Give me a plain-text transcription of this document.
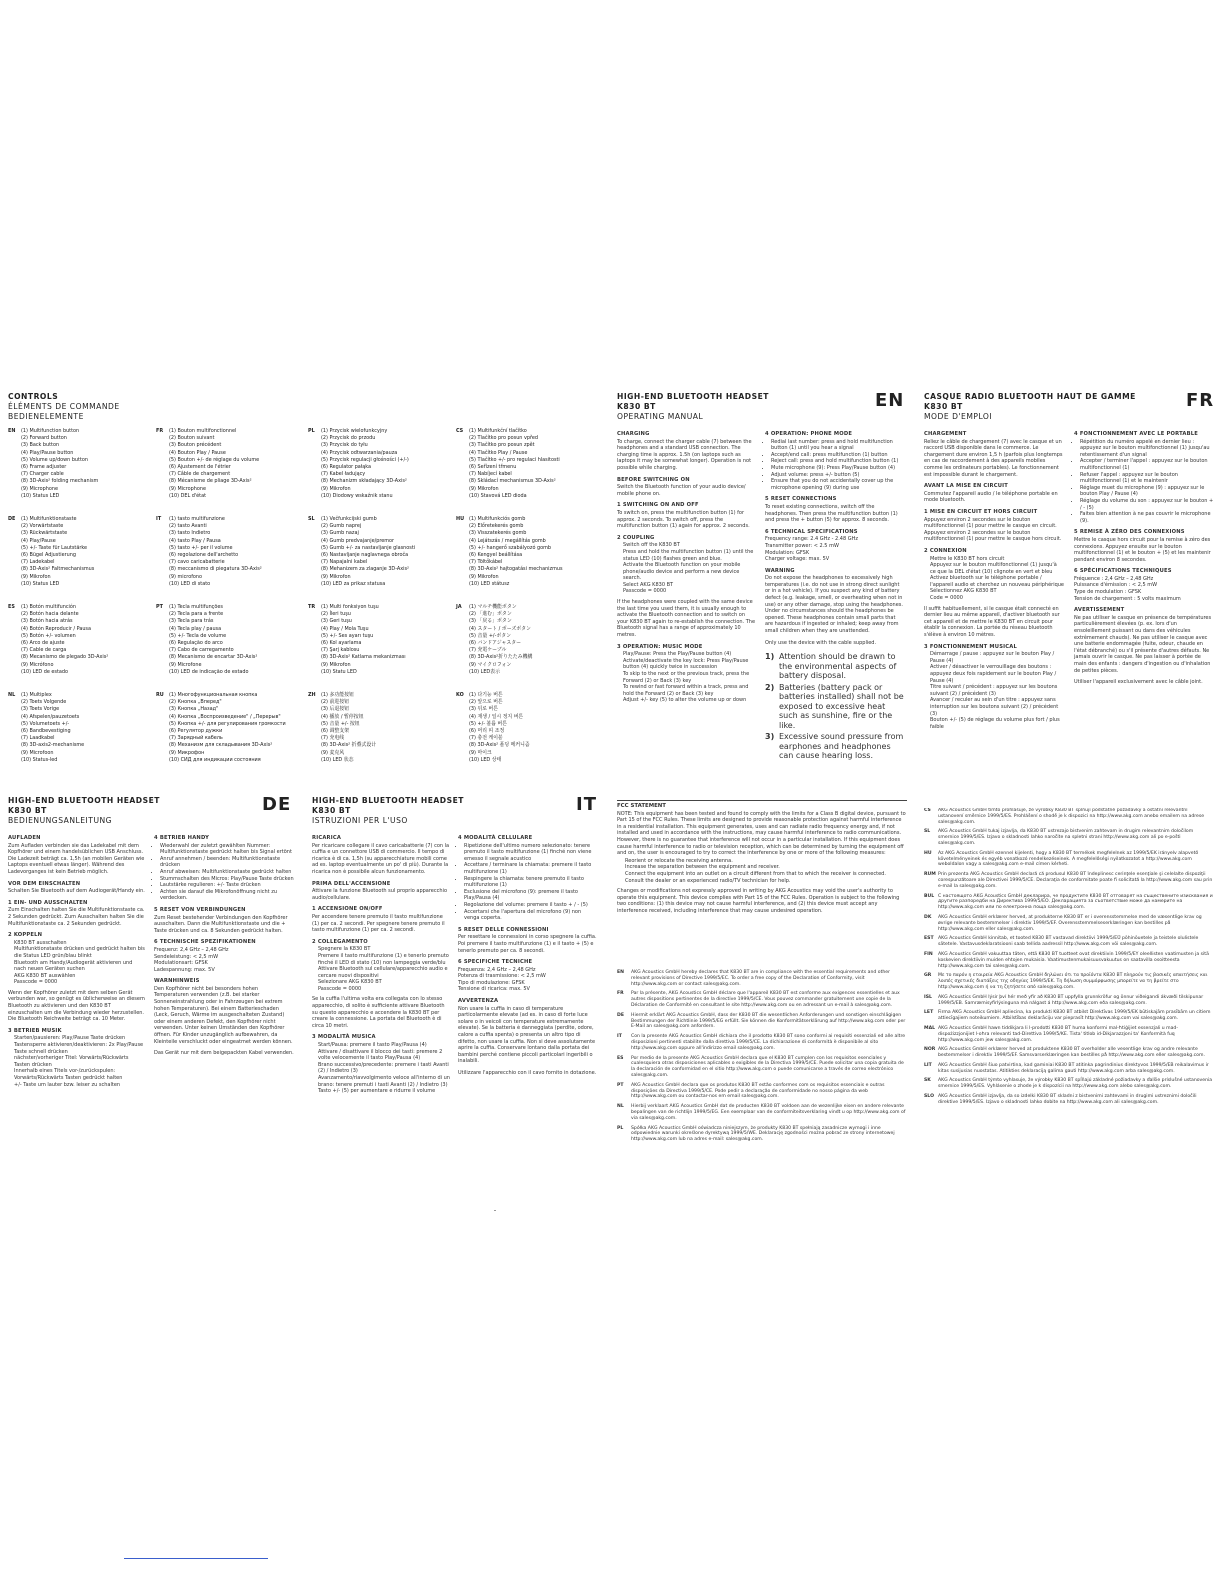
CONTROLS
ÉLÉMENTS DE COMMANDE
BEDIENELEMENTE
EN	(1) Multifunction button
(2) Forward button
(3) Back button
(4) Play/Pause button
(5) Volume up/down button
(6) Frame adjuster
(7) Charger cable
(8) 3D-Axis² folding mechanism
(9) Microphone
(10) Status LED
DE	(1) Multifunktionstaste
(2) Vorwärtstaste
(3) Rückwärtstaste
(4) Play/Pause
(5) +/- Taste für Lautstärke
(6) Bügel Adjustierung
(7) Ladekabel
(8) 3D-Axis² Faltmechanismus
(9) Mikrofon
(10) Status LED
ES	(1) Botón multifunción
(2) Botón hacia delante
(3) Botón hacia atrás
(4) Botón Reproducir / Pausa
(5) Botón +/- volumen
(6) Arco de ajuste
(7) Cable de carga
(8) Mecanismo de plegado 3D-Axis²
(9) Micrófono
(10) LED de estado
NL	(1) Multiplex
(2) Toets Volgende
(3) Toets Vorige
(4) Afspelen/pauzetoets
(5) Volumetoets +/-
(6) Bandbevestiging
(7) Laadkabel
(8) 3D-axis2-mechanisme
(9) Microfoon
(10) Status-led
FR	(1) Bouton multifonctionnel
(2) Bouton suivant
(3) Bouton précédent
(4) Bouton Play / Pause
(5) Bouton +/- de réglage du volume
(6) Ajustement de l'étrier
(7) Câble de chargement
(8) Mécanisme de pliage 3D-Axis²
(9) Microphone
(10) DEL d'état
IT	(1) tasto multifunzione
(2) tasto Avanti
(3) tasto Indietro
(4) tasto Play / Pausa
(5) tasto +/- per il volume
(6) regolazione dell'archetto
(7) cavo caricabatterie
(8) meccanismo di piegatura 3D-Axis²
(9) microfono
(10) LED di stato
PT	(1) Tecla multifunções
(2) Tecla para a frente
(3) Tecla para trás
(4) Tecla play / pausa
(5) +/- Tecla de volume
(6) Regulação do arco
(7) Cabo de carregamento
(8) Mecanismo de encartar 3D-Axis²
(9) Microfone
(10) LED de indicação de estado
RU	(1) Многофункциональная кнопка
(2) Кнопка „Вперед"
(3) Кнопка „Назад"
(4) Кнопка „Воспроизведение" / „Перерыв"
(5) Кнопка +/- для регулирования громкости
(6) Регулятор дужки
(7) Зарядный кабель
(8) Механизм для складывания 3D-Axis²
(9) Микрофон
(10) СИД для индикации состояния
PL	(1) Przycisk wielofunkcyjny
(2) Przycisk do przodu
(3) Przycisk do tyłu
(4) Przycisk odtwarzania/pauza
(5) Przycisk regulacji głośności (+/-)
(6) Regulator pałąka
(7) Kabel ładujący
(8) Mechanizm składający 3D-Axis²
(9) Mikrofon
(10) Diodowy wskaźnik stanu
SL	(1) Večfunkcijski gumb
(2) Gumb naprej
(3) Gumb nazaj
(4) Gumb predvajanje/premor
(5) Gumb +/- za nastavljanje glasnosti
(6) Nastavljanje naglavnega obroča
(7) Napajalni kabel
(8) Mehanizem za zlaganje 3D-Axis²
(9) Mikrofon
(10) LED za prikaz statusa
TR	(1) Multi fonksiyon tuşu
(2) İleri tuşu
(3) Geri tuşu
(4) Play / Mola Tuşu
(5) +/- Ses ayarı tuşu
(6) Kol ayarlama
(7) Şarj kablosu
(8) 3D-Axis² Katlama mekanizması
(9) Mikrofon
(10) Statu LED
ZH	(1) 多功能按钮
(2) 前进按钮
(3) 后退按钮
(4) 播放 / 暂停按钮
(5) 音量 +/- 按钮
(6) 调整支架
(7) 充电线
(8) 3D-Axis² 折叠式设计
(9) 麦克风
(10) LED 状态
CS	(1) Multifunkční tlačítko
(2) Tlačítko pro posun vpřed
(3) Tlačítko pro posun zpět
(4) Tlačítko Play / Pause
(5) Tlačítko +/- pro regulaci hlasitosti
(6) Seřízení třmenu
(7) Nabíjecí kabel
(8) Skládací mechanismus 3D-Axis²
(9) Mikrofon
(10) Stavová LED dioda
HU	(1) Multifunkciós gomb
(2) Előretekerés gomb
(3) Visszatekerés gomb
(4) Lejátszás / megállítás gomb
(5) +/- hangerő szabályozó gomb
(6) Kengyel beállítása
(7) Töltőkábel
(8) 3D-Axis² hajtogatási mechanizmus
(9) Mikrofon
(10) LED státusz
JA	(1) マルチ機能ボタン
(2) 「進む」ボタン
(3) 「戻る」ボタン
(4) スタート / ポーズボタン
(5) 音量 +/-ボタン
(6) バンドアジャスター
(7) 充電ケーブル
(8) 3D-Axis²折りたたみ機構
(9) マイクロフォン
(10) LED表示
KO	(1) 다기능 버튼
(2) 앞으로 버튼
(3) 뒤로 버튼
(4) 재생 / 일시 정지 버튼
(5) +/- 볼륨 버튼
(6) 머리 띠 조정
(7) 충전 케이블
(8) 3D-Axis² 폴딩 메커니즘
(9) 마이크
(10) LED 상태
HIGH-END BLUETOOTH HEADSET
K830 BT
OPERATING MANUAL
EN
CHARGING

To charge, connect the charger cable (7) between the headphones and a standard USB connection. The charging time is approx. 1.5h (on laptops such as laptops it may be somewhat longer). Operation is not possible while charging.

BEFORE SWITCHING ON

Switch the Bluetooth function of your audio device/ mobile phone on.

1 SWITCHING ON AND OFF

To switch on, press the multifunction button (1) for approx. 2 seconds. To switch off, press the multifunction button (1) again for approx. 2 seconds.

2 COUPLING
• Switch off the K830 BT
• Press and hold the multifunction button (1) until the status LED (10) flashes green and blue.
• Activate the Bluetooth function on your mobile phone/audio device and perform a new device search.
• Select AKG K830 BT
• Passcode = 0000

If the headphones were coupled with the same device the last time you used them, it is usually enough to activate the Bluetooth connection and to switch on your K830 BT again to re-establish the connection. The Bluetooth signal has a range of approximately 10 metres.

3 OPERATION: MUSIC MODE
• Play/Pause: Press the Play/Pause button (4)
• Activate/deactivate the key lock: Press Play/Pause button (4) quickly twice in succession
• To skip to the next or the previous track, press the Forward (2) or Back (3) key
• To rewind or fast forward within a track, press and hold the Forward (2) or Back (3) key
• Adjust +/- key (5) to alter the volume up or down
4 OPERATION: PHONE MODE
• Redial last number: press and hold multifunction button (1) until you hear a signal
• Accept/end call: press multifunction (1) button
• Reject call: press and hold multifunction button (1)
• Mute microphone (9): Press Play/Pause button (4)
• Adjust volume: press +/- button (5)
• Ensure that you do not accidentally cover up the microphone opening (9) during use
5 RESET CONNECTIONS

To reset existing connections, switch off the headphones. Then press the multifunction button (1) and press the + button (5) for approx. 8 seconds.

6 TECHNICAL SPECIFICATIONS

Frequency range: 2.4 GHz - 2.48 GHz
Transmitter power: < 2.5 mW
Modulation: GFSK
Charger voltage: max. 5V

WARNING

Do not expose the headphones to excessively high temperatures (i.e. do not use in strong direct sunlight or in a hot vehicle). If you suspect any kind of battery defect (e.g. leakage, smell, or overheating when not in use) or any other damage, stop using the headphones. Under no circumstances should the headphones be opened. These headphones contain small parts that are hazardous if ingested or inhaled; keep away from small children when they are unattended.

Only use the device with the cable supplied.

1) Attention should be drawn to the environmental aspects of battery disposal.
2) Batteries (battery pack or batteries installed) shall not be exposed to excessive heat such as sunshine, fire or the like.
3) Excessive sound pressure from earphones and headphones can cause hearing loss.
CASQUE RADIO BLUETOOTH HAUT DE GAMME
K830 BT
MODE D'EMPLOI
FR
CHARGEMENT

Reliez le câble de chargement (7) avec le casque et un raccord USB disponible dans le commerce. Le chargement dure environ 1,5 h (parfois plus longtemps en cas de raccordement à des appareils mobiles comme les ordinateurs portables). Le fonctionnement est impossible durant le chargement.

AVANT LA MISE EN CIRCUIT

Commutez l'appareil audio / le téléphone portable en mode bluetooth.

1 MISE EN CIRCUIT ET HORS CIRCUIT

Appuyez environ 2 secondes sur le bouton multifonctionnel (1) pour mettre le casque en circuit. Appuyez environ 2 secondes sur le bouton multifonctionnel (1) pour mettre le casque hors circuit.

2 CONNEXION
• Mettre le K830 BT hors circuit
• Appuyez sur le bouton multifonctionnel (1) jusqu'à ce que la DEL d'état (10) clignote en vert et bleu
• Activez bluetooth sur le téléphone portable / l'appareil audio et cherchez un nouveau périphérique
• Sélectionnez AKG K830 BT
• Code = 0000

Il suffit habituellement, si le casque était connecté en dernier lieu au même appareil, d'activer bluetooth sur cet appareil et de mettre le K830 BT en circuit pour établir la connexion. La portée du réseau bluetooth s'élève à environ 10 mètres.

3 FONCTIONNEMENT MUSICAL
• Démarrage / pause : appuyez sur le bouton Play / Pause (4)
• Activer / désactiver le verrouillage des boutons : appuyez deux fois rapidement sur le bouton Play / Pause (4)
• Titre suivant / précédent : appuyez sur les boutons suivant (2) / précédent (3)
• Avancer / reculer au sein d'un titre : appuyez sans interruption sur les boutons suivant (2) / précédent (3)
• Bouton +/- (5) de réglage du volume plus fort / plus faible
4 FONCTIONNEMENT AVEC LE PORTABLE
• Répétition du numéro appelé en dernier lieu : appuyez sur le bouton multifonctionnel (1) jusqu'au retentissement d'un signal
• Accepter / terminer l'appel : appuyez sur le bouton multifonctionnel (1)
• Refuser l'appel : appuyez sur le bouton multifonctionnel (1) et le maintenir
• Réglage muet du microphone (9) : appuyez sur le bouton Play / Pause (4)
• Réglage du volume du son : appuyez sur le bouton + / - (5)
• Faites bien attention à ne pas couvrir le microphone (9).
5 REMISE À ZÉRO DES CONNEXIONS

Mettre le casque hors circuit pour la remise à zéro des connexions. Appuyez ensuite sur le bouton multifonctionnel (1) et le bouton + (5) et les maintenir pendant environ 8 secondes.

6 SPÉCIFICATIONS TECHNIQUES

Fréquence : 2,4 GHz – 2,48 GHz
Puissance d'émission : < 2,5 mW
Type de modulation : GFSK
Tension de chargement : 5 volts maximum

AVERTISSEMENT

Ne pas utiliser le casque en présence de températures particulièrement élevées (p. ex. lors d'un ensoleillement puissant ou dans des véhicules extrêmement chauds). Ne pas utiliser le casque avec une batterie endommagée (fuite, odeur, chaude en l'état débranché) ou s'il présente d'autres défauts. Ne jamais ouvrir le casque. Ne pas laisser à portée de main des enfants : dangers d'ingestion ou d'inhalation de petites pièces.

Utiliser l'appareil exclusivement avec le câble joint.

HIGH-END BLUETOOTH HEADSET
K830 BT
BEDIENUNGSANLEITUNG
DE
AUFLADEN

Zum Aufladen verbinden sie das Ladekabel mit dem Kopfhörer und einem handelsüblichen USB Anschluss. Die Ladezeit beträgt ca. 1,5h (an mobilen Geräten wie Laptops eventuell etwas länger). Während des Ladevorganges ist kein Betrieb möglich.

VOR DEM EINSCHALTEN

Schalten Sie Bluetooth auf dem Audiogerät/Handy ein.

1 EIN- UND AUSSCHALTEN

Zum Einschalten halten Sie die Multifunktionstaste ca. 2 Sekunden gedrückt. Zum Ausschalten halten Sie die Multifunktionstaste ca. 2 Sekunden gedrückt.

2 KOPPELN
• K830 BT ausschalten
• Multifunktionstaste drücken und gedrückt halten bis die Status LED grün/blau blinkt
• Bluetooth am Handy/Audiogerät aktivieren und nach neuen Geräten suchen
• AKG K830 BT auswählen
• Passcode = 0000

Wenn der Kopfhörer zuletzt mit dem selben Gerät verbunden war, so genügt es üblicherweise an diesem Bluetooth zu aktivieren und den K830 BT einzuschalten um die Verbindung wieder herzustellen. Die Bluetooth Reichweite beträgt ca. 10 Meter.

3 BETRIEB MUSIK
• Starten/pausieren: Play/Pause Taste drücken
• Tastensperre aktivieren/deaktivieren: 2x Play/Pause Taste schnell drücken
• nächster/vorheriger Titel: Vorwärts/Rückwärts Tasten drücken
• Innerhalb eines Titels vor-/zurückspulen: Vorwärts/Rückwärts Tasten gedrückt halten
• +/- Taste um lauter bzw. leiser zu schalten
4 BETRIEB HANDY
• Wiederwahl der zuletzt gewählten Nummer: Multifunktionstaste gedrückt halten bis Signal ertönt
• Anruf annehmen / beenden: Multifunktionstaste drücken
• Anruf abweisen: Multifunktionstaste gedrückt halten
• Stummschalten des Micros: Play/Pause Taste drücken
• Lautstärke regulieren: +/- Taste drücken
• Achten sie darauf die Mikrofonöffnung nicht zu verdecken.
5 RESET VON VERBINDUNGEN

Zum Reset bestehender Verbindungen den Kopfhörer ausschalten. Dann die Multifunktionstaste und die + Taste drücken und ca. 8 Sekunden gedrückt halten.

6 TECHNISCHE SPEZIFIKATIONEN

Frequenz: 2,4 GHz – 2,48 GHz
Sendeleistung: < 2,5 mW
Modulationsart: GFSK
Ladespannung: max. 5V

WARNHINWEIS

Den Kopfhörer nicht bei besonders hohen Temperaturen verwenden (z.B. bei starker Sonneneinstrahlung oder in Fahrzeugen bei extrem hohen Temperaturen). Bei einem Batterieschaden (Leck, Geruch, Wärme im ausgeschalteten Zustand) oder einem anderen Defekt, den Kopfhörer nicht verwenden. Unter keinen Umständen den Kopfhörer öffnen. Für Kinder unzugänglich aufbewahren, da Kleinteile verschluckt oder eingeatmet werden können.

Das Gerät nur mit dem beigepackten Kabel verwenden.

HIGH-END BLUETOOTH HEADSET
K830 BT
ISTRUZIONI PER L'USO
IT
RICARICA

Per ricaricare collegare il cavo caricabatterie (7) con la cuffia e un connettore USB di commercio. Il tempo di ricarica è di ca. 1,5h (su apparecchiature mobili come ad es. laptop eventualmente un po' di più). Durante la ricarica non è possibile alcun funzionamento.

PRIMA DELL'ACCENSIONE

Attivare la funzione Bluetooth sul proprio apparecchio audio/cellulare.

1 ACCENSIONE ON/OFF

Per accendere tenere premuto il tasto multifunzione (1) per ca. 2 secondi. Per spegnere tenere premuto il tasto multifunzione (1) per ca. 2 secondi.

2 COLLEGAMENTO
• Spegnere la K830 BT
• Premere il tasto multifunzione (1) e tenerlo premuto finché il LED di stato (10) non lampeggia verde/blu
• Attivare Bluetooth sul cellulare/apparecchio audio e cercare nuovi dispositivi
• Selezionare AKG K830 BT
• Passcode = 0000

Se la cuffia l'ultima volta era collegata con lo stesso apparecchio, di solito è sufficiente attivare Bluetooth su questo apparecchio e accendere la K830 BT per creare la connessione. La portata del Bluetooth è di circa 10 metri.

3 MODALITÀ MUSICA
• Start/Pausa: premere il tasto Play/Pausa (4)
• Attivare / disattivare il blocco dei tasti: premere 2 volte velocemente il tasto Play/Pausa (4)
• Brano successivo/precedente: premere i tasti Avanti (2) / Indietro (3)
• Avanzamento/riavvolgimento veloce all'interno di un brano: tenere premuti i tasti Avanti (2) / Indietro (3)
• Tasto +/- (5) per aumentare e ridurre il volume
4 MODALITÀ CELLULARE
• Ripetizione dell'ultimo numero selezionato: tenere premuto il tasto multifunzione (1) finché non viene emesso il segnale acustico
• Accettare / terminare la chiamata: premere il tasto multifunzione (1)
• Respingere la chiamata: tenere premuto il tasto multifunzione (1)
• Esclusione del microfono (9): premere il tasto Play/Pausa (4)
• Regolazione del volume: premere il tasto + / - (5)
• Accertarsi che l'apertura del microfono (9) non venga coperta.
5 RESET DELLE CONNESSIONI

Per resettare le connessioni in corso spegnere la cuffia. Poi premere il tasto multifunzione (1) e il tasto + (5) e tenerlo premuto per ca. 8 secondi.

6 SPECIFICHE TECNICHE

Frequenza: 2,4 GHz – 2,48 GHz
Potenza di trasmissione: < 2,5 mW
Tipo di modulazione: GFSK
Tensione di ricarica: max. 5V

AVVERTENZA

Non usare la cuffia in caso di temperature particolarmente elevate (ad es. in caso di forte luce solare o in veicoli con temperature estremamente elevate). Se la batteria è danneggiata (perdite, odore, calore a cuffia spenta) o presenta un altro tipo di difetto, non usare la cuffia. Non si deve assolutamente aprire la cuffia. Conservare lontano dalla portata dei bambini perché contiene piccoli particolari ingeribili o inalabili.

Utilizzare l'apparecchio con il cavo fornito in dotazione.

FCC STATEMENT

NOTE: This equipment has been tested and found to comply with the limits for a Class B digital device, pursuant to Part 15 of the FCC Rules. These limits are designed to provide reasonable protection against harmful interference in a residential installation. This equipment generates, uses and can radiate radio frequency energy and, if not installed and used in accordance with the instructions, may cause harmful interference to radio communications. However, there is no guarantee that interference will not occur in a particular installation. If this equipment does cause harmful interference to radio or television reception, which can be determined by turning the equipment off and on, the user is encouraged to try to correct the interference by one or more of the following measures:

• Reorient or relocate the receiving antenna.
• Increase the separation between the equipment and receiver.
• Connect the equipment into an outlet on a circuit different from that to which the receiver is connected.
• Consult the dealer or an experienced radio/TV technician for help.

Changes or modifications not expressly approved in writing by AKG Acoustics may void the user's authority to operate this equipment. This device complies with Part 15 of the FCC Rules. Operation is subject to the following two conditions: (1) this device may not cause harmful interference, and (2) this device must accept any interference received, including interference that may cause undesired operation.

EN	AKG Acoustics GmbH hereby declares that K830 BT are in compliance with the essential requirements and other relevant provisions of Directive 1999/5/EC. To order a free copy of the Declaration of Conformity, visit http://www.akg.com or contact sales@akg.com.
FR	Par la présente, AKG Acoustics GmbH déclare que l'appareil K830 BT est conforme aux exigences essentielles et aux autres dispositions pertinentes de la directive 1999/5/CE. Vous pouvez commander gratuitement une copie de la Déclaration de Conformité en consultant le site http://www.akg.com ou en adressant un e-mail à sales@akg.com.
DE	Hiermit erklärt AKG Acoustics GmbH, dass der K830 BT die wesentlichen Anforderungen und sonstigen einschlägigen Bestimmungen der Richtlinie 1999/5/EG erfüllt. Sie können die Konformitätserklärung auf http://www.akg.com oder per E-Mail an sales@akg.com anfordern.
IT	Con la presente AKG Acoustics GmbH dichiara che il prodotto K830 BT sono conformi ai requisiti essenziali ed alle altre disposizioni pertinenti stabilite dalla direttiva 1999/5/CE. La dichiarazione di conformità è disponibile al sito http://www.akg.com oppure all'indirizzo email sales@akg.com.
ES	Por medio de la presente AKG Acoustics GmbH declara que el K830 BT cumplen con los requisitos esenciales y cualesquiera otras disposiciones aplicables o exigibles de la Directiva 1999/5/CE. Puede solicitar una copia gratuita de la declaración de conformidad en el sitio http://www.akg.com o puede comunicarse a través de correo electrónico sales@akg.com.
PT	AKG Acoustics GmbH declara que os produtos K830 BT estão conformes com os requisitos essenciais e outras disposições da Directiva 1999/5/CE. Pode pedir a declaração de conformidade no nosso página da web http://www.akg.com ou contactar-nos em email sales@akg.com.
NL	Hierbij verklaart AKG Acoustics GmbH dat de producten K830 BT voldoen aan de wezenlijke eisen en andere relevante bepalingen van de richtlijn 1999/5/EG. Een exemplaar van de conformiteitsverklaring vindt u op http://www.akg.com of via sales@akg.com.
PL	Spółka AKG Acoustics GmbH oświadcza niniejszym, że produkty K830 BT spełniają zasadnicze wymogi i inne odpowiednie warunki określone dyrektywą 1999/5/WE. Deklarację zgodności można pobrać ze strony internetowej http://www.akg.com lub na adres e-mail: sales@akg.com.
CS	AKG Acoustics GmbH tímto prohlašuje, že výrobky K830 BT splňují podstatné požadavky a ostatní relevantní ustanovení směrnice 1999/5/ES. Prohlášení o shodě je k dispozici na http://www.akg.com anebo emailem na adrese sales@akg.com.
SL	AKG Acoustics GmbH tukaj izjavlja, da K830 BT ustrezajo bistvenim zahtevam in drugim relevantnim določilom smernice 1999/5/ES. Izjavo o skladnosti lahko naročite na spletni strani http://www.akg.com ali po e-pošti sales@akg.com.
HU	Az AKG Acoustics GmbH ezennel kijelenti, hogy a K830 BT termékek megfelelnek az 1999/5/EK irányelv alapvető követelményeinek és egyéb vonatkozó rendelkezéseinek. A megfelelőségi nyilatkozatot a http://www.akg.com weboldalon vagy a sales@akg.com e-mail címen kérheti.
RUM Prin prezenta AKG Acoustics GmbH declară că produsul K830 BT îndeplinesc cerinţele esenţiale şi celelalte dispoziţii corespunzătoare ale Directivei 1999/5/CE. Declaraţia de conformitate poate fi solicitată la http://www.akg.com sau prin e-mail la sales@akg.com.
BUL С настоящото AKG Acoustics GmbH декларира, че продуктите K830 BT отговарят на съществените изисквания и другите разпоредби на Директива 1999/5/ЕО. Декларацията за съответствие може да намерите на http://www.akg.com или по електронна поща sales@akg.com.
DK	AKG Acoustics GmbH erklærer herved, at produkterne K830 BT er i overensstemmelse med de væsentlige krav og øvrige relevante bestemmelser i direktiv 1999/5/EF. Overensstemmelseserklæringen kan bestilles på http://www.akg.com eller sales@akg.com.
EST AKG Acoustics GmbH kinnitab, et tooted K830 BT vastavad direktiivi 1999/5/EÜ põhinõuetele ja teistele olulistele sätetele. Vastavusdeklaratsiooni saab tellida aadressil http://www.akg.com või sales@akg.com.
FIN	AKG Acoustics GmbH vakuuttaa täten, että K830 BT tuotteet ovat direktiivin 1999/5/EY oleellisten vaatimusten ja sitä koskevien direktiivin muiden ehtojen mukaisia. Vaatimustenmukaisuusvakuutus on saatavilla osoitteesta http://www.akg.com tai sales@akg.com.
GR	Με το παρόν η εταιρεία AKG Acoustics GmbH δηλώνει ότι τα προϊόντα K830 BT πληρούν τις βασικές απαιτήσεις και λοιπές σχετικές διατάξεις της οδηγίας 1999/5/ΕΚ. Τη δήλωση συμμόρφωσης μπορείτε να τη βρείτε στο http://www.akg.com ή να τη ζητήσετε από sales@akg.com.
ISL	AKG Acoustics GmbH lýsir því hér með yfir að K830 BT uppfylla grunnkröfur og önnur viðeigandi ákvæði tilskipunar 1999/5/EB. Samræmisyfirlýsinguna má nálgast á http://www.akg.com eða sales@akg.com.
LET	Firma AKG Acoustics GmbH apliecina, ka produkti K830 BT atbilst Direktīvas 1999/5/EK būtiskajām prasībām un citiem attiecīgajiem noteikumiem. Atbilstības deklarāciju var pieprasīt http://www.akg.com vai sales@akg.com.
MAL AKG Acoustics GmbH hawn tiddikjara li l-prodotti K830 BT huma konformi mal-ħtiġijiet essenzjali u mad-dispożizzjonijiet l-oħra relevanti tad-Direttiva 1999/5/KE. Tista' titlob id-Dikjarazzjoni ta' Konformità fuq http://www.akg.com jew sales@akg.com.
NOR AKG Acoustics GmbH erklærer herved at produktene K830 BT overholder alle vesentlige krav og andre relevante bestemmelser i direktiv 1999/5/EF. Samsvarserklæringen kan bestilles på http://www.akg.com eller sales@akg.com.
LIT	AKG Acoustics GmbH šiuo patvirtina, kad gaminiai K830 BT atitinka pagrindinius direktyvos 1999/5/EB reikalavimus ir kitas susijusias nuostatas. Atitikties deklaraciją galima gauti http://www.akg.com arba sales@akg.com.
SK	AKG Acoustics GmbH týmto vyhlasuje, že výrobky K830 BT spĺňajú základné požiadavky a ďalšie príslušné ustanovenia smernice 1999/5/ES. Vyhlásenie o zhode je k dispozícii na http://www.akg.com alebo sales@akg.com.
SLO AKG Acoustics GmbH izjavlja, da so izdelki K830 BT skladni z bistvenimi zahtevami in drugimi ustreznimi določili direktive 1999/5/ES. Izjavo o skladnosti lahko dobite na http://www.akg.com ali sales@akg.com.
